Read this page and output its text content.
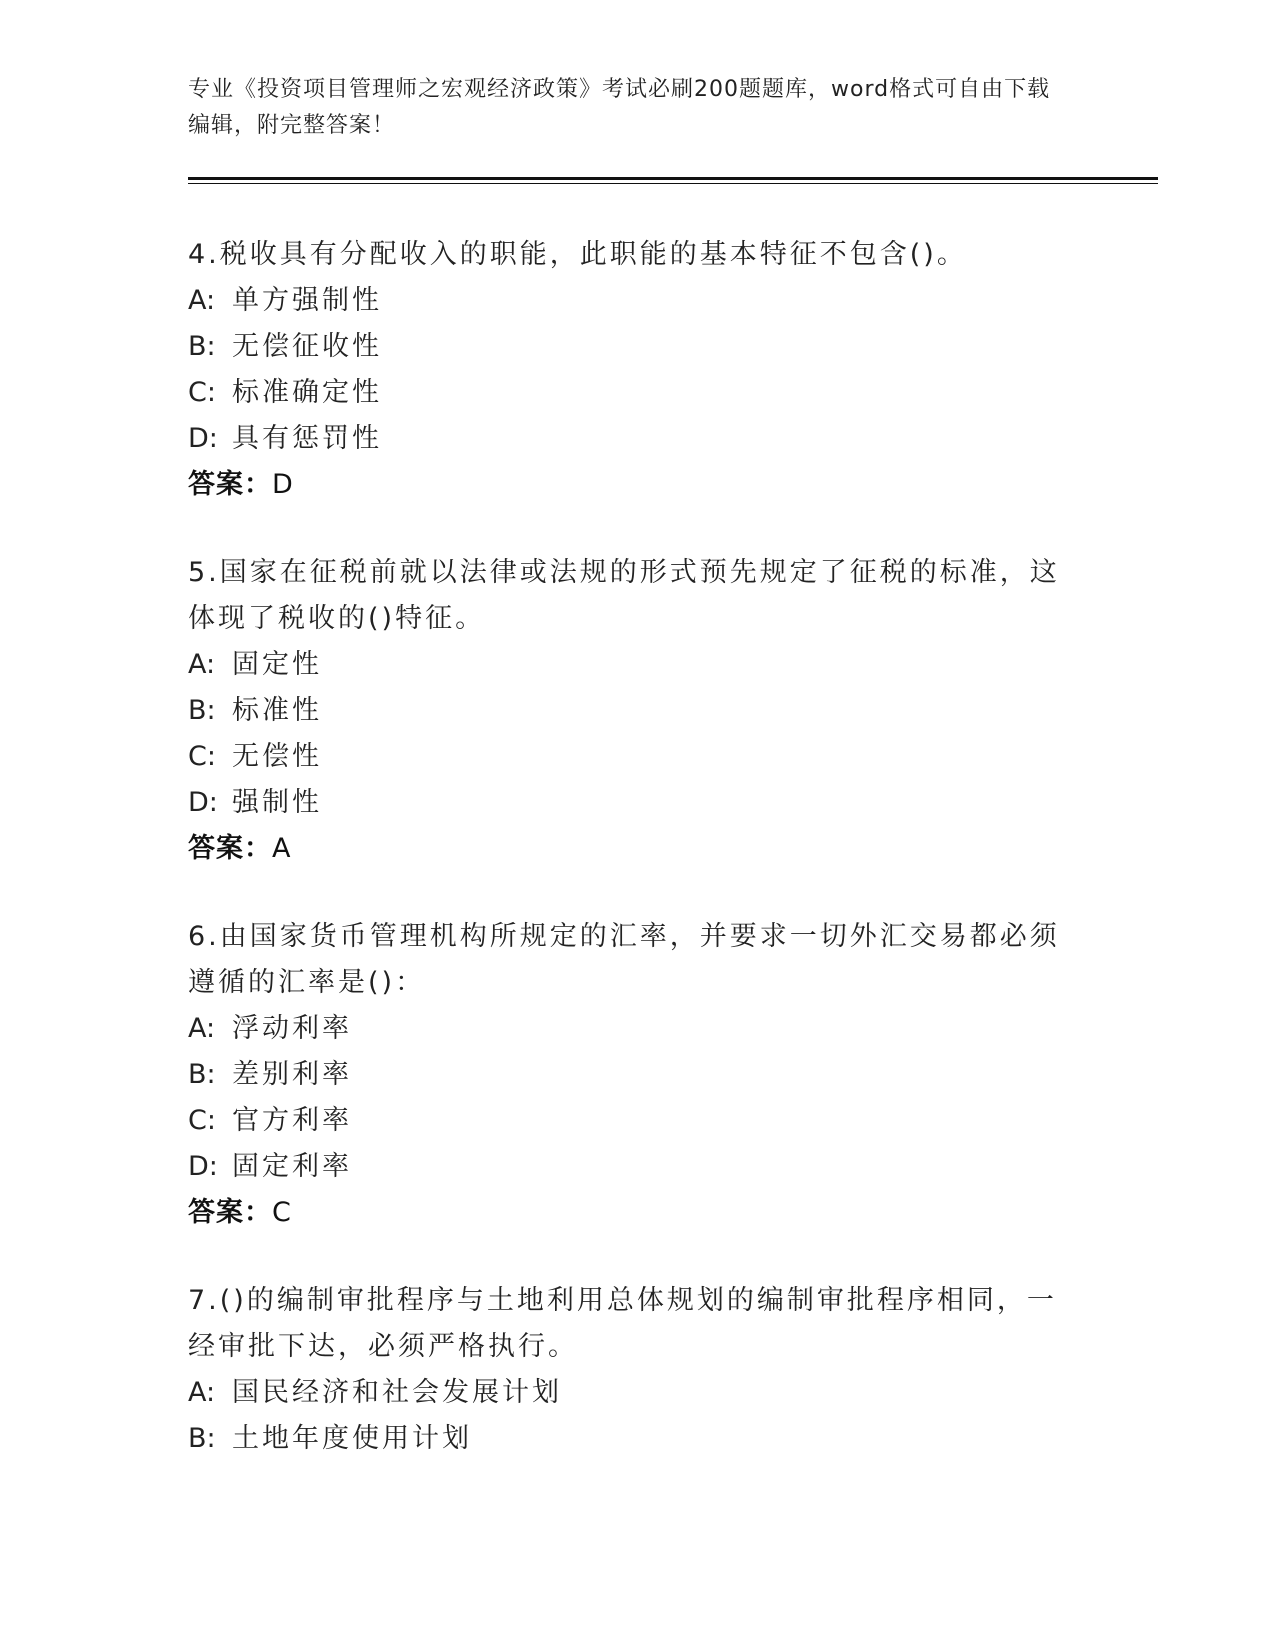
专业《投资项目管理师之宏观经济政策》考试必刷200题题库，word格式可自由下载编辑，附完整答案！
4.税收具有分配收入的职能，此职能的基本特征不包含()。
A: 单方强制性
B: 无偿征收性
C: 标准确定性
D: 具有惩罚性
答案：D
5.国家在征税前就以法律或法规的形式预先规定了征税的标准，这体现了税收的()特征。
A: 固定性
B: 标准性
C: 无偿性
D: 强制性
答案：A
6.由国家货币管理机构所规定的汇率，并要求一切外汇交易都必须遵循的汇率是()：
A: 浮动利率
B: 差别利率
C: 官方利率
D: 固定利率
答案：C
7.()的编制审批程序与土地利用总体规划的编制审批程序相同，一经审批下达，必须严格执行。
A: 国民经济和社会发展计划
B: 土地年度使用计划
